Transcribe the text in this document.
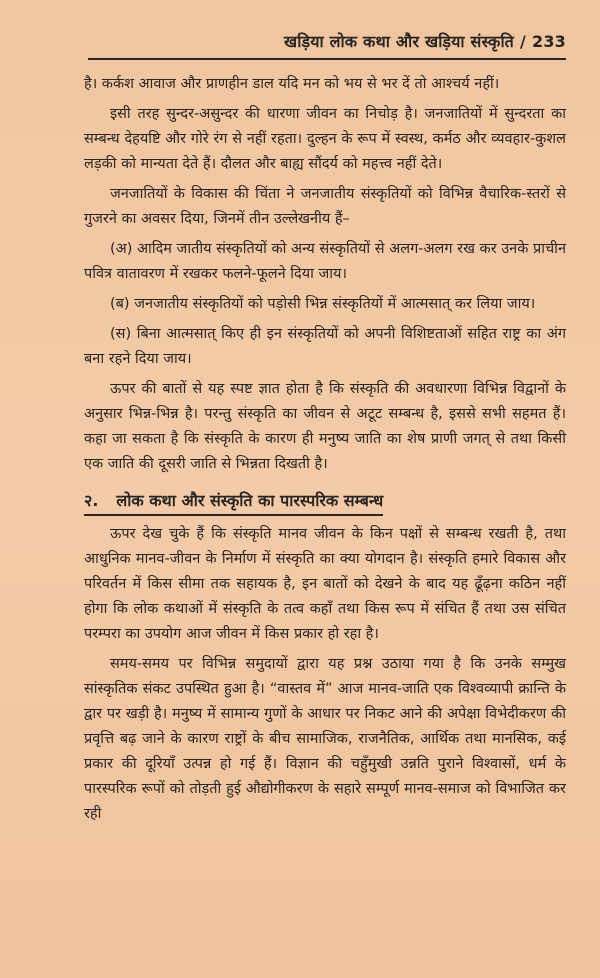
खड़िया लोक कथा और खड़िया संस्कृति / 233

है। कर्कश आवाज और प्राणहीन डाल यदि मन को भय से भर दें तो आश्चर्य नहीं।

इसी तरह सुन्दर-असुन्दर की धारणा जीवन का निचोड़ है। जनजातियों में सुन्दरता का सम्बन्ध देहयष्टि और गोरे रंग से नहीं रहता। दुल्हन के रूप में स्वस्थ, कर्मठ और व्यवहार-कुशल लड़की को मान्यता देते हैं। दौलत और बाह्य सौंदर्य को महत्त्व नहीं देते।

जनजातियों के विकास की चिंता ने जनजातीय संस्कृतियों को विभिन्न वैचारिक-स्तरों से गुजरने का अवसर दिया, जिनमें तीन उल्लेखनीय हैं–

(अ) आदिम जातीय संस्कृतियों को अन्य संस्कृतियों से अलग-अलग रख कर उनके प्राचीन पवित्र वातावरण में रखकर फलने-फूलने दिया जाय।

(ब) जनजातीय संस्कृतियों को पड़ोसी भिन्न संस्कृतियों में आत्मसात् कर लिया जाय।

(स) बिना आत्मसात् किए ही इन संस्कृतियों को अपनी विशिष्टताओं सहित राष्ट्र का अंग बना रहने दिया जाय।

ऊपर की बातों से यह स्पष्ट ज्ञात होता है कि संस्कृति की अवधारणा विभिन्न विद्वानों के अनुसार भिन्न-भिन्न है। परन्तु संस्कृति का जीवन से अटूट सम्बन्ध है, इससे सभी सहमत हैं। कहा जा सकता है कि संस्कृति के कारण ही मनुष्य जाति का शेष प्राणी जगत् से तथा किसी एक जाति की दूसरी जाति से भिन्नता दिखती है।

२. लोक कथा और संस्कृति का पारस्परिक सम्बन्ध

ऊपर देख चुके हैं कि संस्कृति मानव जीवन के किन पक्षों से सम्बन्ध रखती है, तथा आधुनिक मानव-जीवन के निर्माण में संस्कृति का क्या योगदान है। संस्कृति हमारे विकास और परिवर्तन में किस सीमा तक सहायक है, इन बातों को देखने के बाद यह ढूँढ़ना कठिन नहीं होगा कि लोक कथाओं में संस्कृति के तत्व कहाँ तथा किस रूप में संचित हैं तथा उस संचित परम्परा का उपयोग आज जीवन में किस प्रकार हो रहा है।

समय-समय पर विभिन्न समुदायों द्वारा यह प्रश्न उठाया गया है कि उनके सम्मुख सांस्कृतिक संकट उपस्थित हुआ है। “वास्तव में” आज मानव-जाति एक विश्वव्यापी क्रान्ति के द्वार पर खड़ी है। मनुष्य में सामान्य गुणों के आधार पर निकट आने की अपेक्षा विभेदीकरण की प्रवृत्ति बढ़ जाने के कारण राष्ट्रों के बीच सामाजिक, राजनैतिक, आर्थिक तथा मानसिक, कई प्रकार की दूरियाँ उत्पन्न हो गई हैं। विज्ञान की चहुँमुखी उन्नति पुराने विश्वासों, धर्म के पारस्परिक रूपों को तोड़ती हुई औद्योगीकरण के सहारे सम्पूर्ण मानव-समाज को विभाजित कर रही
